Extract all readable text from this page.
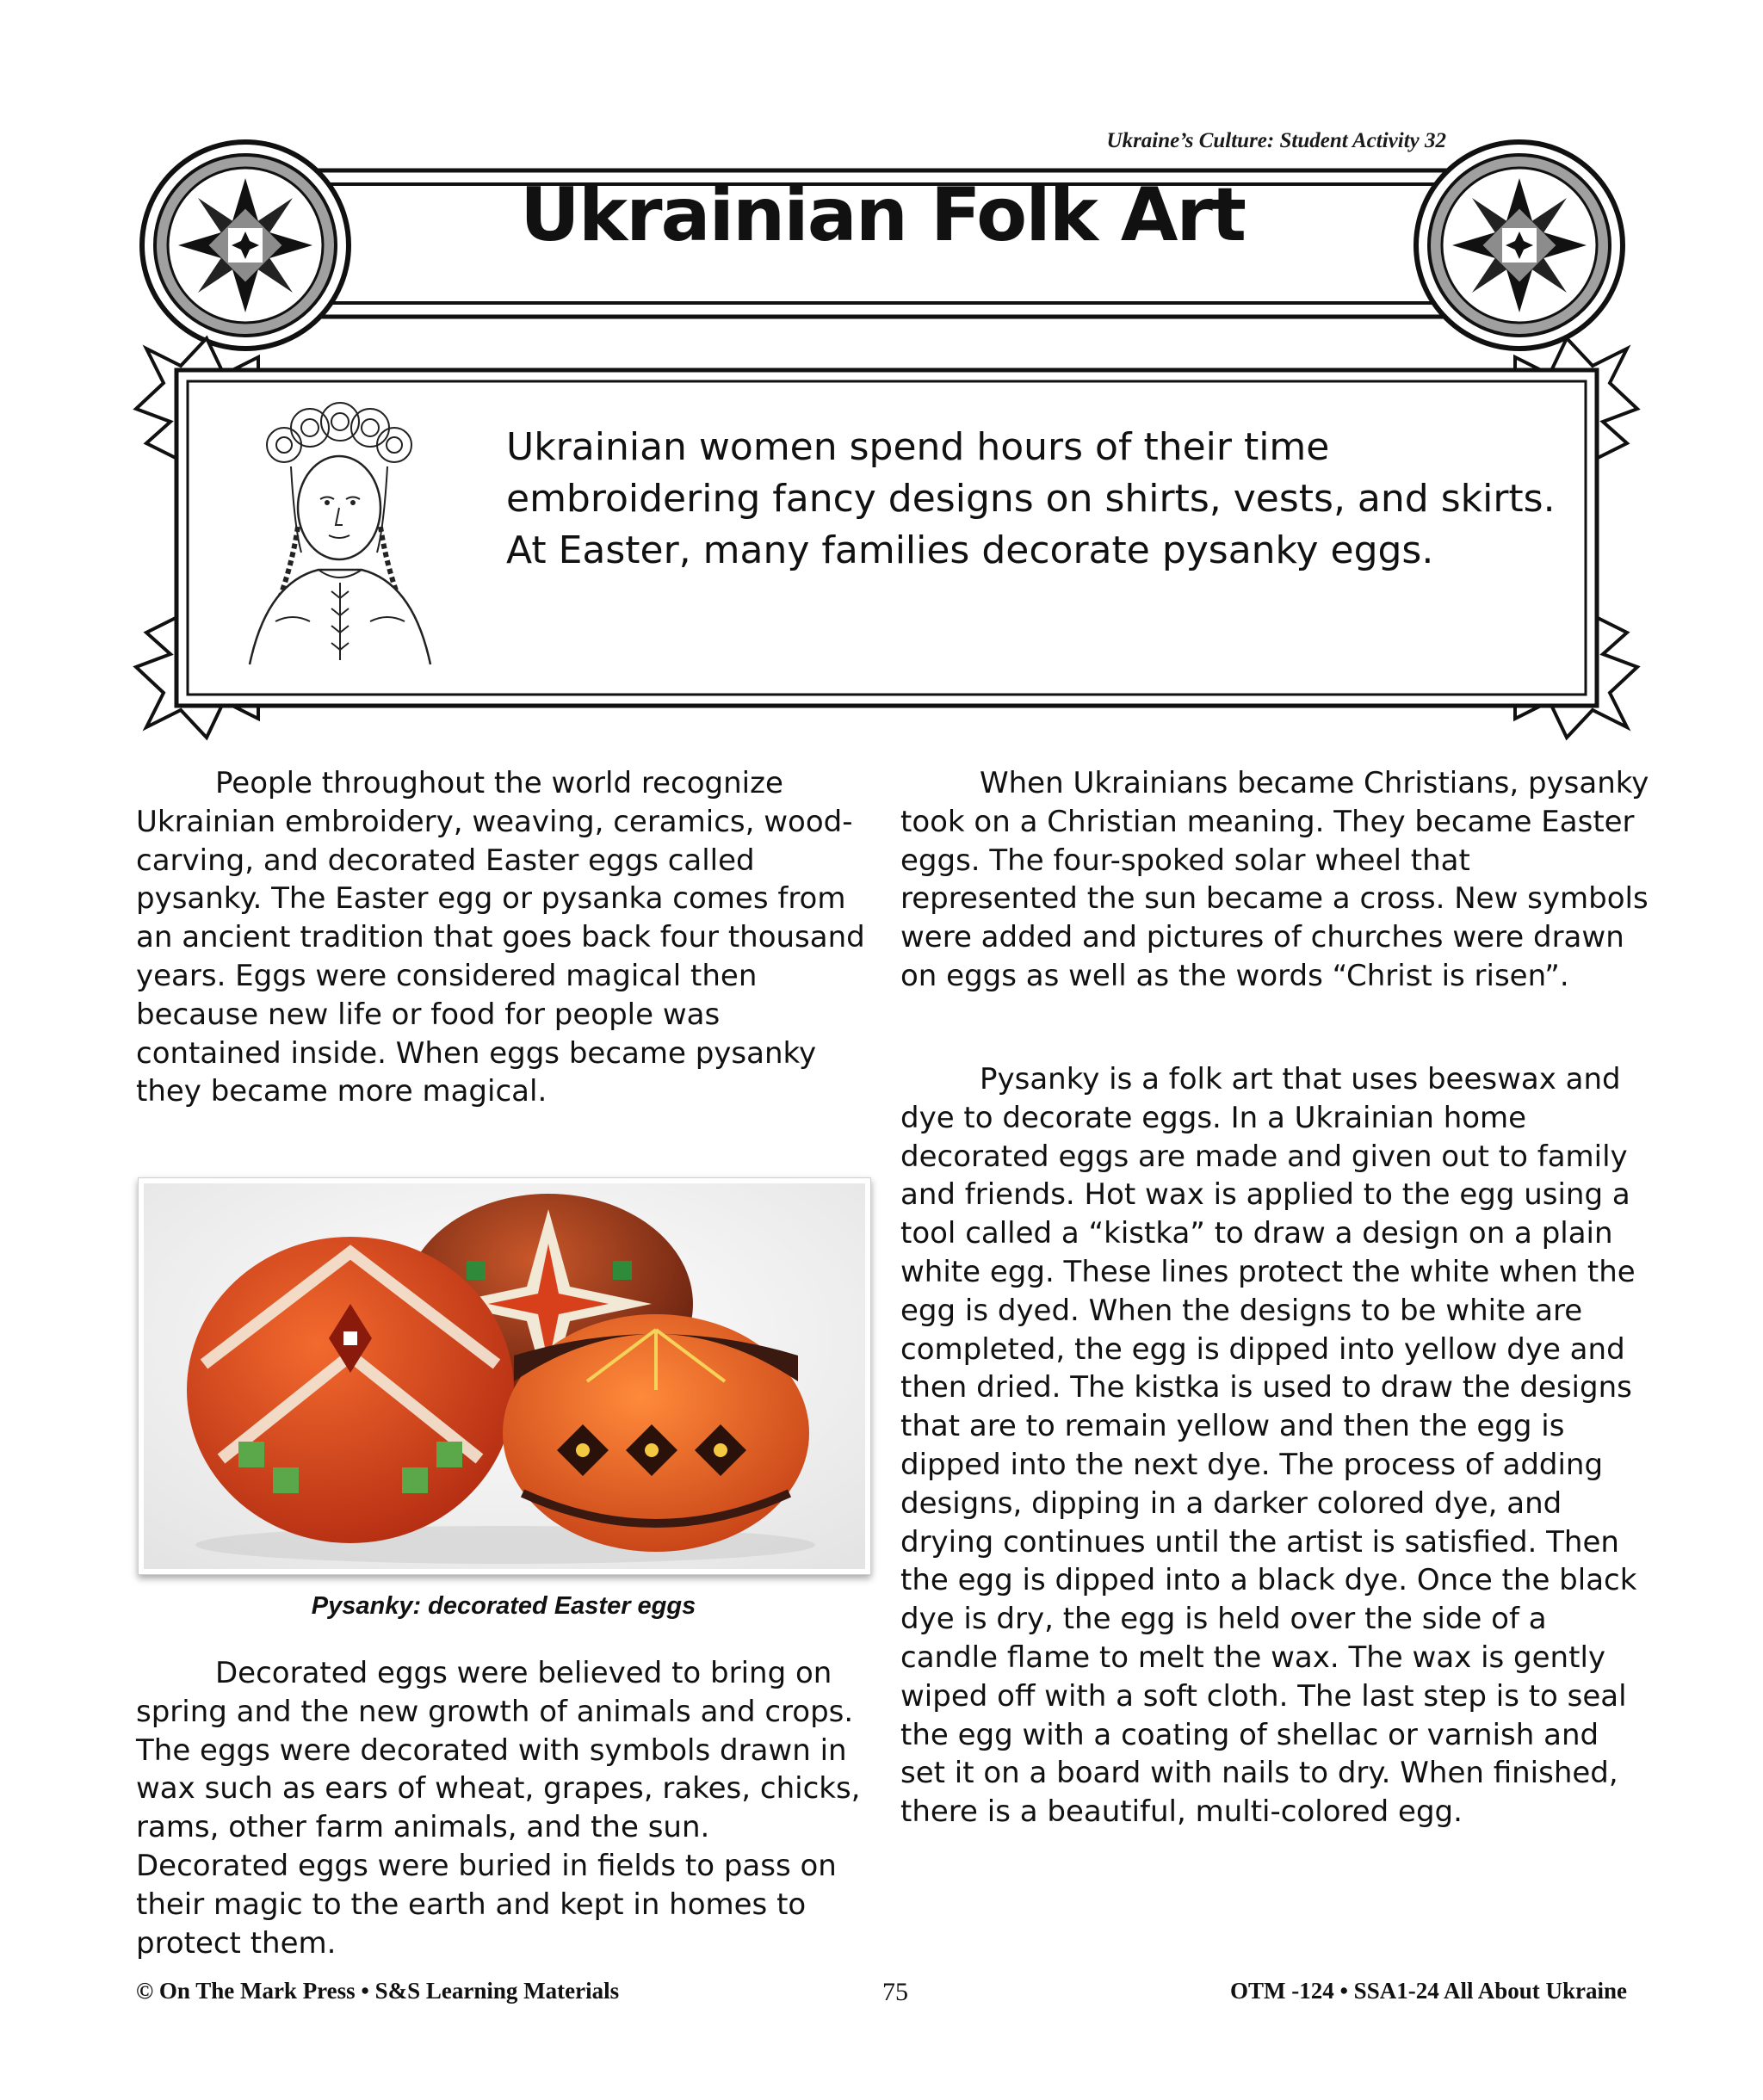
Ukraine’s Culture: Student Activity 32
Ukrainian Folk Art
Ukrainian women spend hours of their time embroidering fancy designs on shirts, vests, and skirts. At Easter, many families decorate pysanky eggs.

People throughout the world recognize Ukrainian embroidery, weaving, ceramics, wood-carving, and decorated Easter eggs called pysanky. The Easter egg or pysanka comes from an ancient tradition that goes back four thousand years. Eggs were considered magical then because new life or food for people was contained inside. When eggs became pysanky they became more magical.

Pysanky: decorated Easter eggs

Decorated eggs were believed to bring on spring and the new growth of animals and crops. The eggs were decorated with symbols drawn in wax such as ears of wheat, grapes, rakes, chicks, rams, other farm animals, and the sun. Decorated eggs were buried in fields to pass on their magic to the earth and kept in homes to protect them.

When Ukrainians became Christians, pysanky took on a Christian meaning. They became Easter eggs. The four-spoked solar wheel that represented the sun became a cross. New symbols were added and pictures of churches were drawn on eggs as well as the words “Christ is risen”.

Pysanky is a folk art that uses beeswax and dye to decorate eggs. In a Ukrainian home decorated eggs are made and given out to family and friends. Hot wax is applied to the egg using a tool called a “kistka” to draw a design on a plain white egg. These lines protect the white when the egg is dyed. When the designs to be white are completed, the egg is dipped into yellow dye and then dried. The kistka is used to draw the designs that are to remain yellow and then the egg is dipped into the next dye. The process of adding designs, dipping in a darker colored dye, and drying continues until the artist is satisfied. Then the egg is dipped into a black dye. Once the black dye is dry, the egg is held over the side of a candle flame to melt the wax. The wax is gently wiped off with a soft cloth. The last step is to seal the egg with a coating of shellac or varnish and set it on a board with nails to dry. When finished, there is a beautiful, multi-colored egg.

© On The Mark Press • S&S Learning Materials	75	OTM -124 • SSA1-24 All About Ukraine
